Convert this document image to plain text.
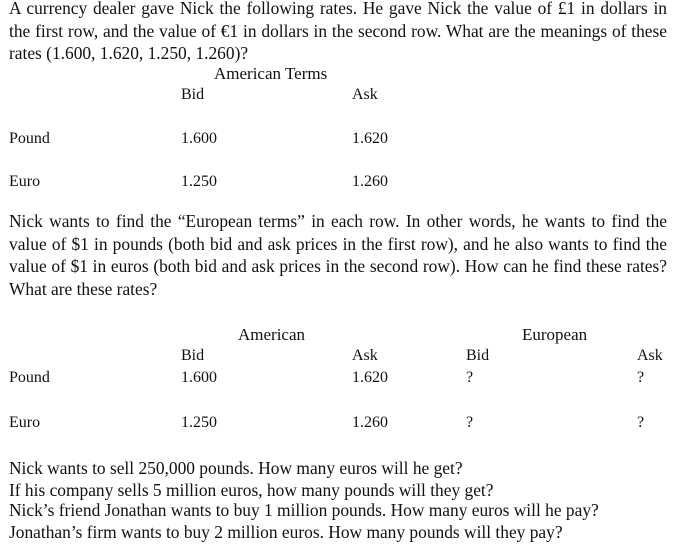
A currency dealer gave Nick the following rates. He gave Nick the value of £1 in dollars in the first row, and the value of €1 in dollars in the second row. What are the meanings of these rates (1.600, 1.620, 1.250, 1.260)?

American Terms
Bid	Ask
Pound	1.600	1.620
Euro	1.250	1.260

Nick wants to find the “European terms” in each row. In other words, he wants to find the value of $1 in pounds (both bid and ask prices in the first row), and he also wants to find the value of $1 in euros (both bid and ask prices in the second row). How can he find these rates? What are these rates?

American	European
Bid	Ask	Bid	Ask
Pound	1.600	1.620	?	?
Euro	1.250	1.260	?	?

Nick wants to sell 250,000 pounds. How many euros will he get?

If his company sells 5 million euros, how many pounds will they get?

Nick’s friend Jonathan wants to buy 1 million pounds. How many euros will he pay?

Jonathan’s firm wants to buy 2 million euros. How many pounds will they pay?
